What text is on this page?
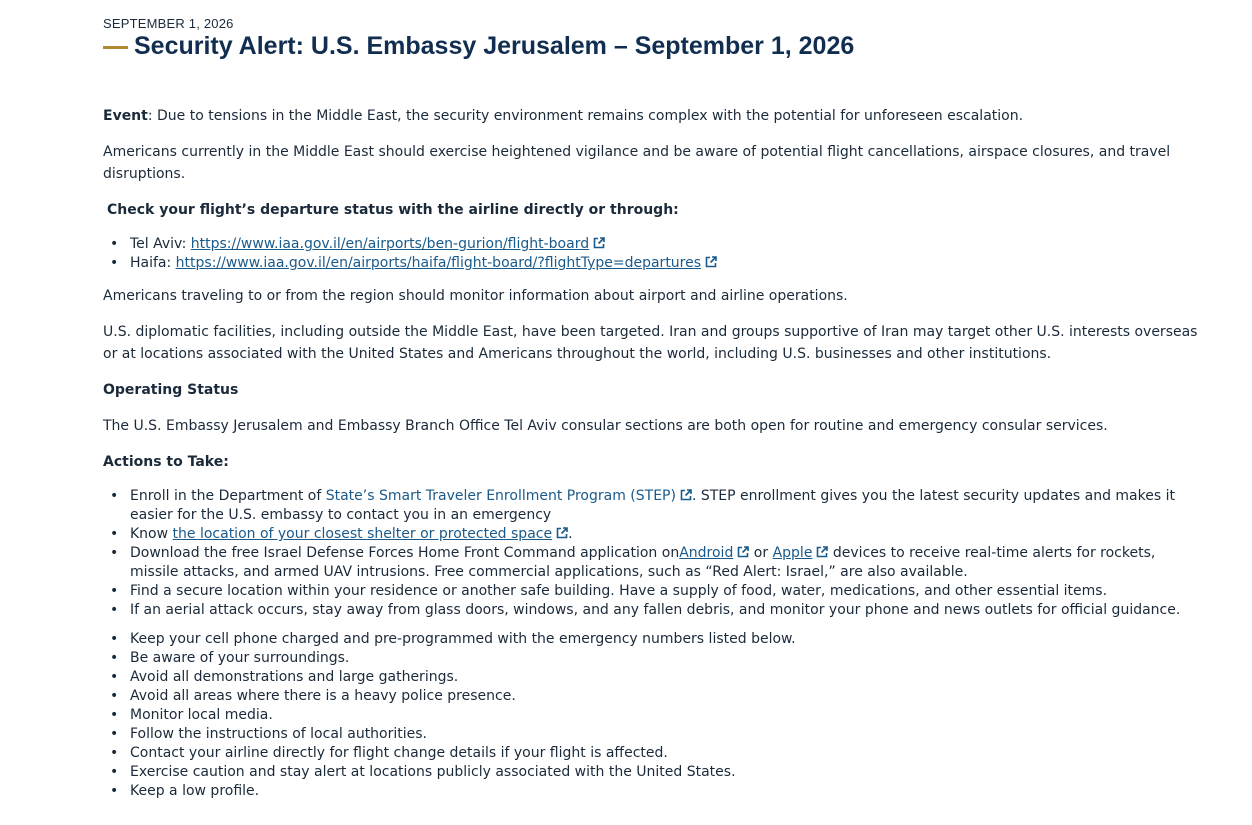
SEPTEMBER 1, 2026
Security Alert: U.S. Embassy Jerusalem – September 1, 2026

Event: Due to tensions in the Middle East, the security environment remains complex with the potential for unforeseen escalation.

Americans currently in the Middle East should exercise heightened vigilance and be aware of potential flight cancellations, airspace closures, and travel disruptions.

Check your flight’s departure status with the airline directly or through:

• Tel Aviv: https://www.iaa.gov.il/en/airports/ben-gurion/flight-board
• Haifa: https://www.iaa.gov.il/en/airports/haifa/flight-board/?flightType=departures

Americans traveling to or from the region should monitor information about airport and airline operations.

U.S. diplomatic facilities, including outside the Middle East, have been targeted. Iran and groups supportive of Iran may target other U.S. interests overseas or at locations associated with the United States and Americans throughout the world, including U.S. businesses and other institutions.

Operating Status

The U.S. Embassy Jerusalem and Embassy Branch Office Tel Aviv consular sections are both open for routine and emergency consular services.

Actions to Take:

• Enroll in the Department of State’s Smart Traveler Enrollment Program (STEP) . STEP enrollment gives you the latest security updates and makes it easier for the U.S. embassy to contact you in an emergency
• Know the location of your closest shelter or protected space .
• Download the free Israel Defense Forces Home Front Command application onAndroid
or Apple
devices to receive real-time alerts for rockets, missile attacks, and armed UAV intrusions. Free commercial applications, such as “Red Alert: Israel,” are also available.
• Find a secure location within your residence or another safe building. Have a supply of food, water, medications, and other essential items.
• If an aerial attack occurs, stay away from glass doors, windows, and any fallen debris, and monitor your phone and news outlets for official guidance.
• Keep your cell phone charged and pre-programmed with the emergency numbers listed below.
• Be aware of your surroundings.
• Avoid all demonstrations and large gatherings.
• Avoid all areas where there is a heavy police presence.
• Monitor local media.
• Follow the instructions of local authorities.
• Contact your airline directly for flight change details if your flight is affected.
• Exercise caution and stay alert at locations publicly associated with the United States.
• Keep a low profile.
